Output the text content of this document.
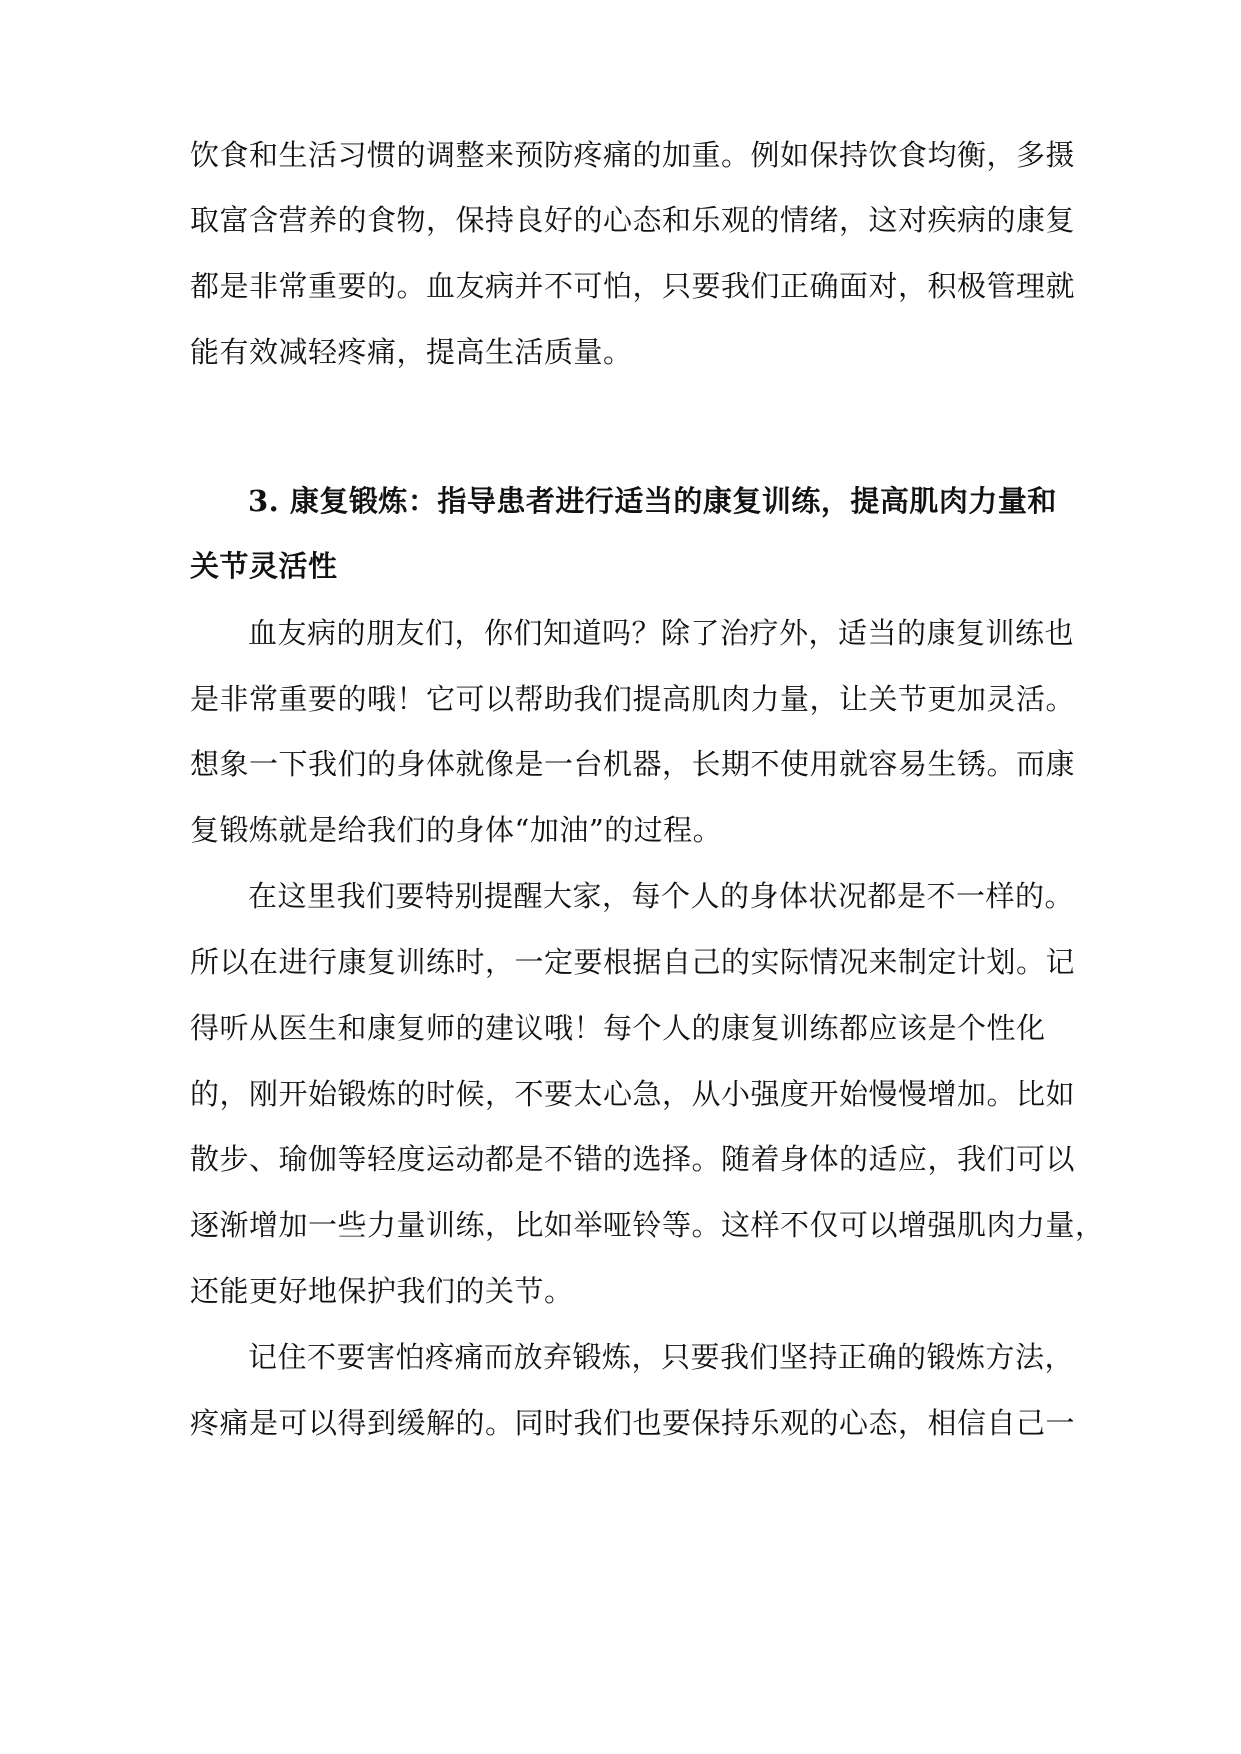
饮食和生活习惯的调整来预防疼痛的加重。例如保持饮食均衡，多摄
取富含营养的食物，保持良好的心态和乐观的情绪，这对疾病的康复
都是非常重要的。血友病并不可怕，只要我们正确面对，积极管理就
能有效减轻疼痛，提高生活质量。
3. 康复锻炼：指导患者进行适当的康复训练，提高肌肉力量和
关节灵活性
血友病的朋友们，你们知道吗？除了治疗外，适当的康复训练也
是非常重要的哦！它可以帮助我们提高肌肉力量，让关节更加灵活。
想象一下我们的身体就像是一台机器，长期不使用就容易生锈。而康
复锻炼就是给我们的身体“加油”的过程。
在这里我们要特别提醒大家，每个人的身体状况都是不一样的。
所以在进行康复训练时，一定要根据自己的实际情况来制定计划。记
得听从医生和康复师的建议哦！每个人的康复训练都应该是个性化
的，刚开始锻炼的时候，不要太心急，从小强度开始慢慢增加。比如
散步、瑜伽等轻度运动都是不错的选择。随着身体的适应，我们可以
逐渐增加一些力量训练，比如举哑铃等。这样不仅可以增强肌肉力量，
还能更好地保护我们的关节。
记住不要害怕疼痛而放弃锻炼，只要我们坚持正确的锻炼方法，
疼痛是可以得到缓解的。同时我们也要保持乐观的心态，相信自己一
